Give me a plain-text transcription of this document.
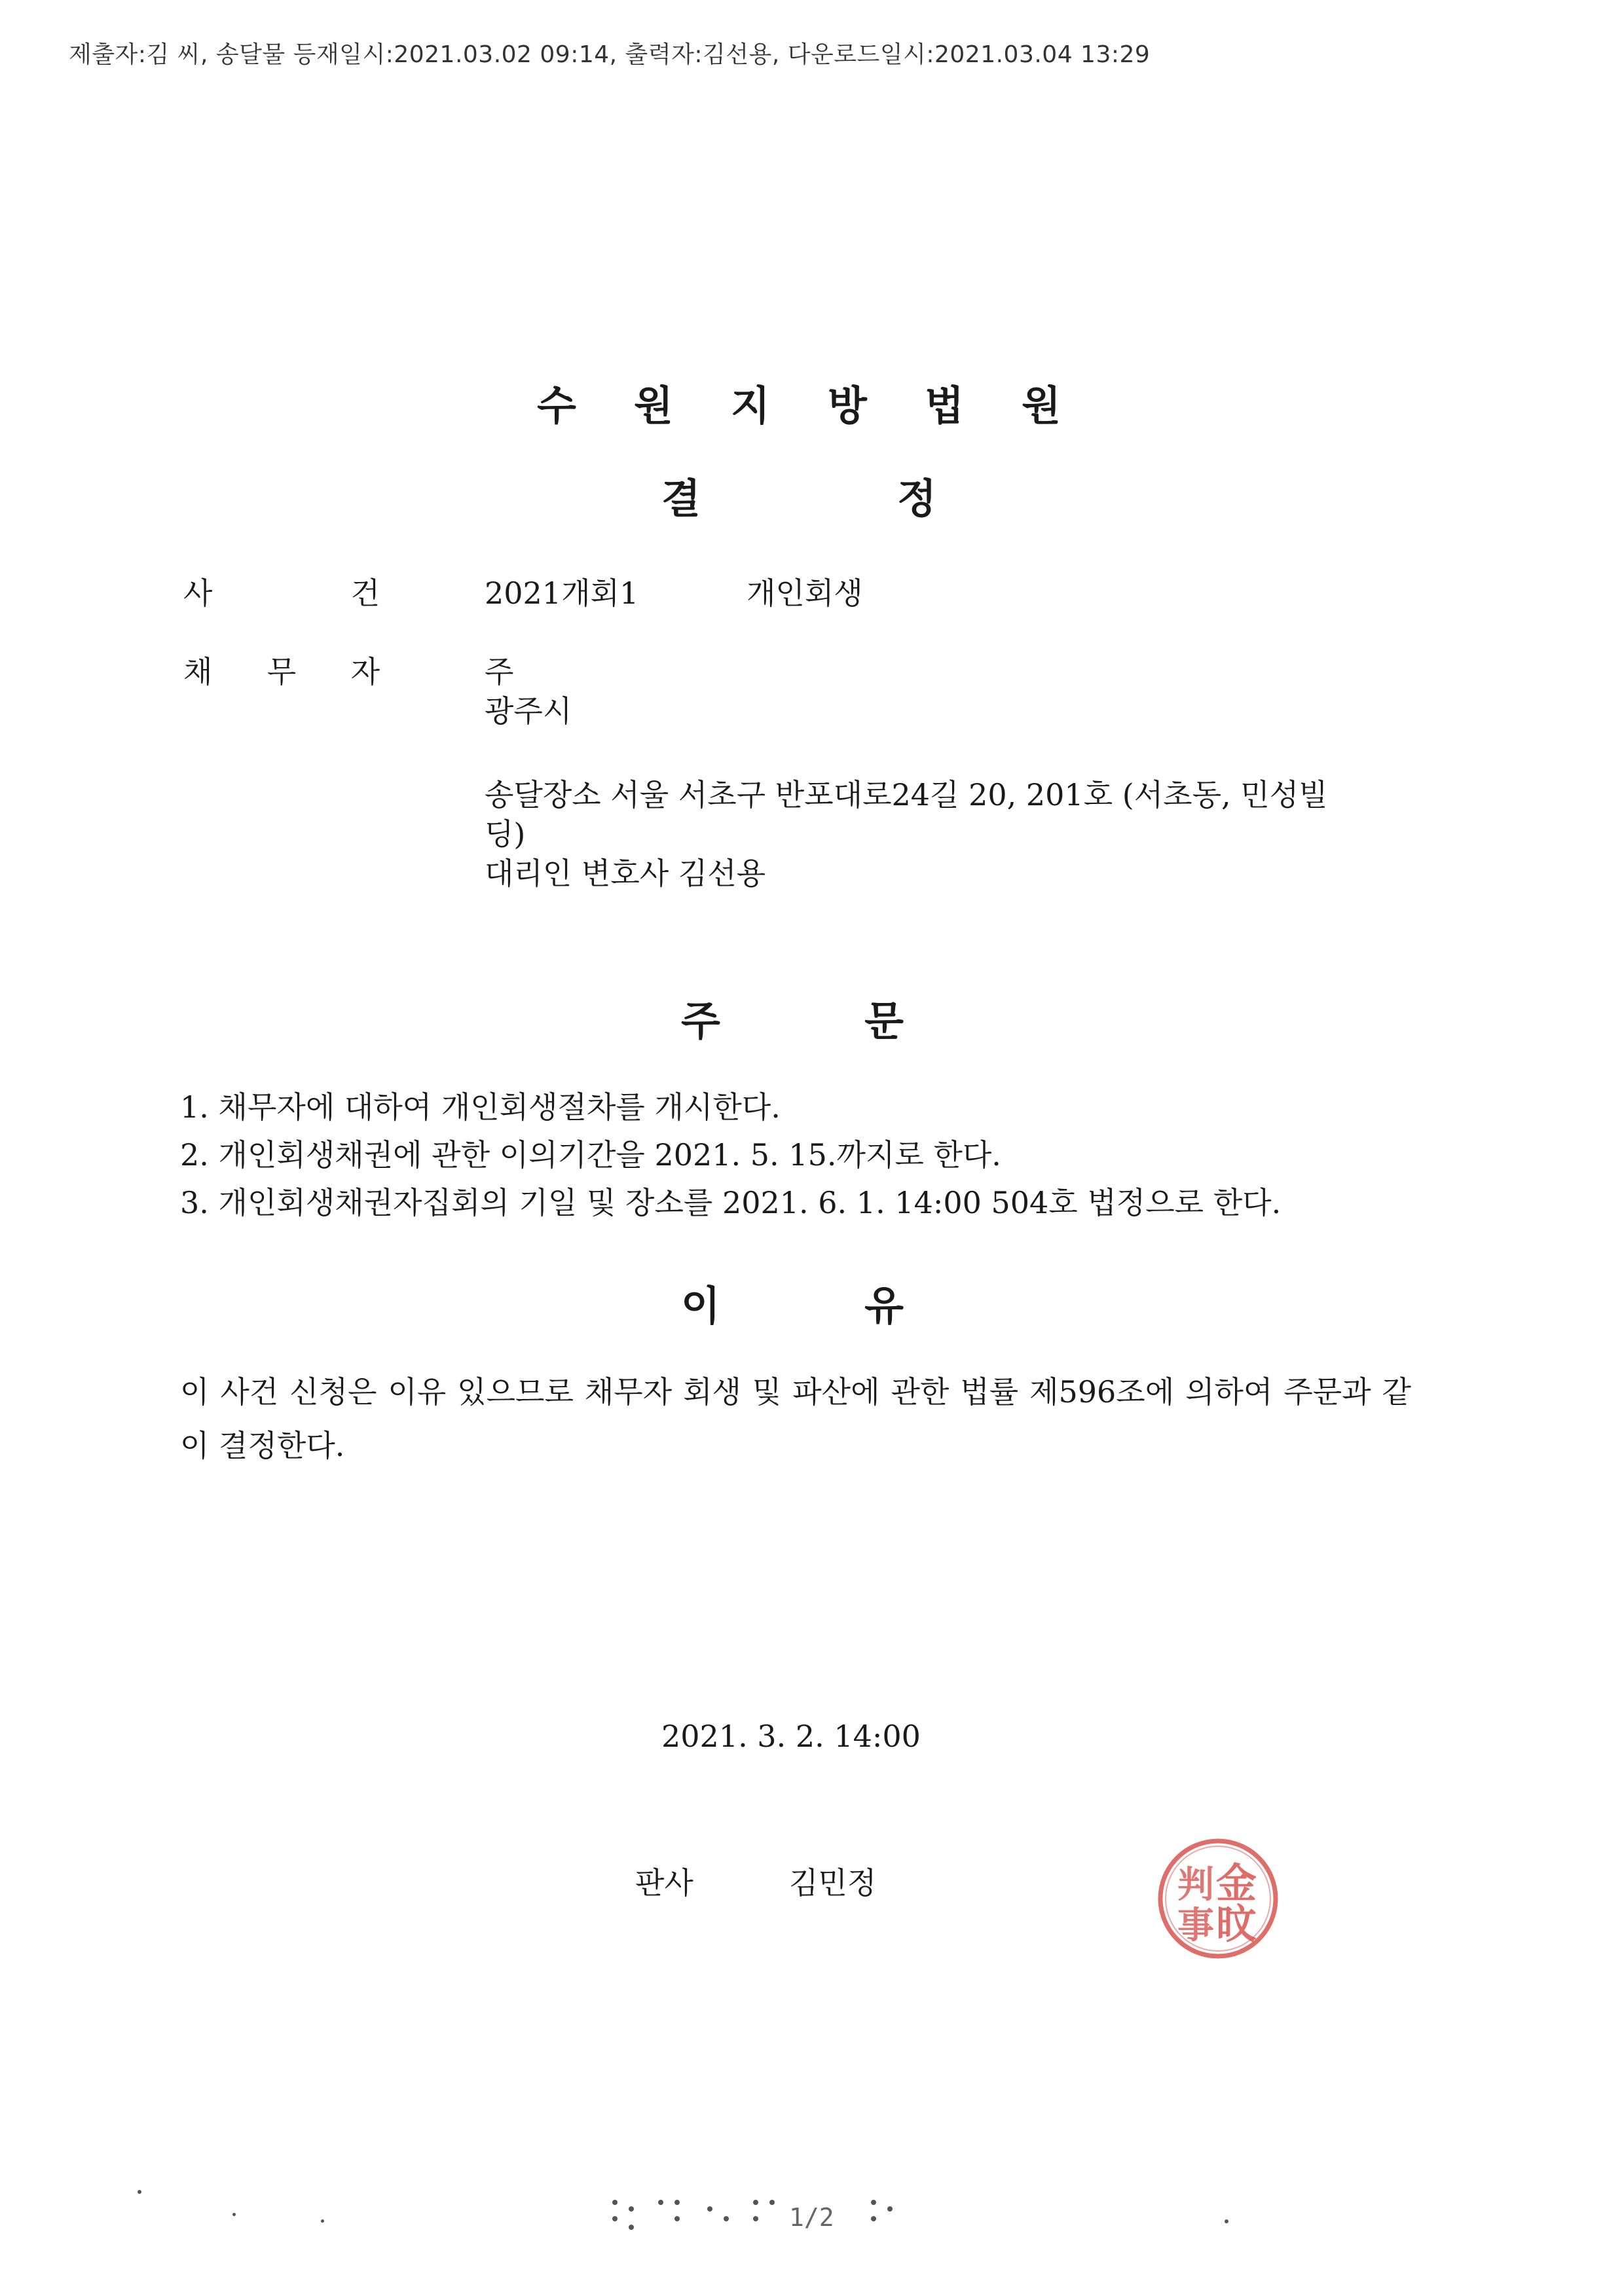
제출자:김 씨, 송달물 등재일시:2021.03.02 09:14, 출력자:김선용, 다운로드일시:2021.03.04 13:29
수 원 지 방 법 원
결	정
사	건	2021개회1	개인회생
채 무 자	주
광주시
송달장소 서울 서초구 반포대로24길 20, 201호 (서초동, 민성빌
딩)
대리인 변호사 김선용
주	문
1. 채무자에 대하여 개인회생절차를 개시한다.
2. 개인회생채권에 관한 이의기간을 2021. 5. 15.까지로 한다.
3. 개인회생채권자집회의 기일 및 장소를 2021. 6. 1. 14:00 504호 법정으로 한다.
이	유
이 사건 신청은 이유 있으므로 채무자 회생 및 파산에 관한 법률 제596조에 의하여 주문과 같이 결정한다.
2021. 3. 2. 14:00
판사	김민정	金
旼
判
事
1/2
